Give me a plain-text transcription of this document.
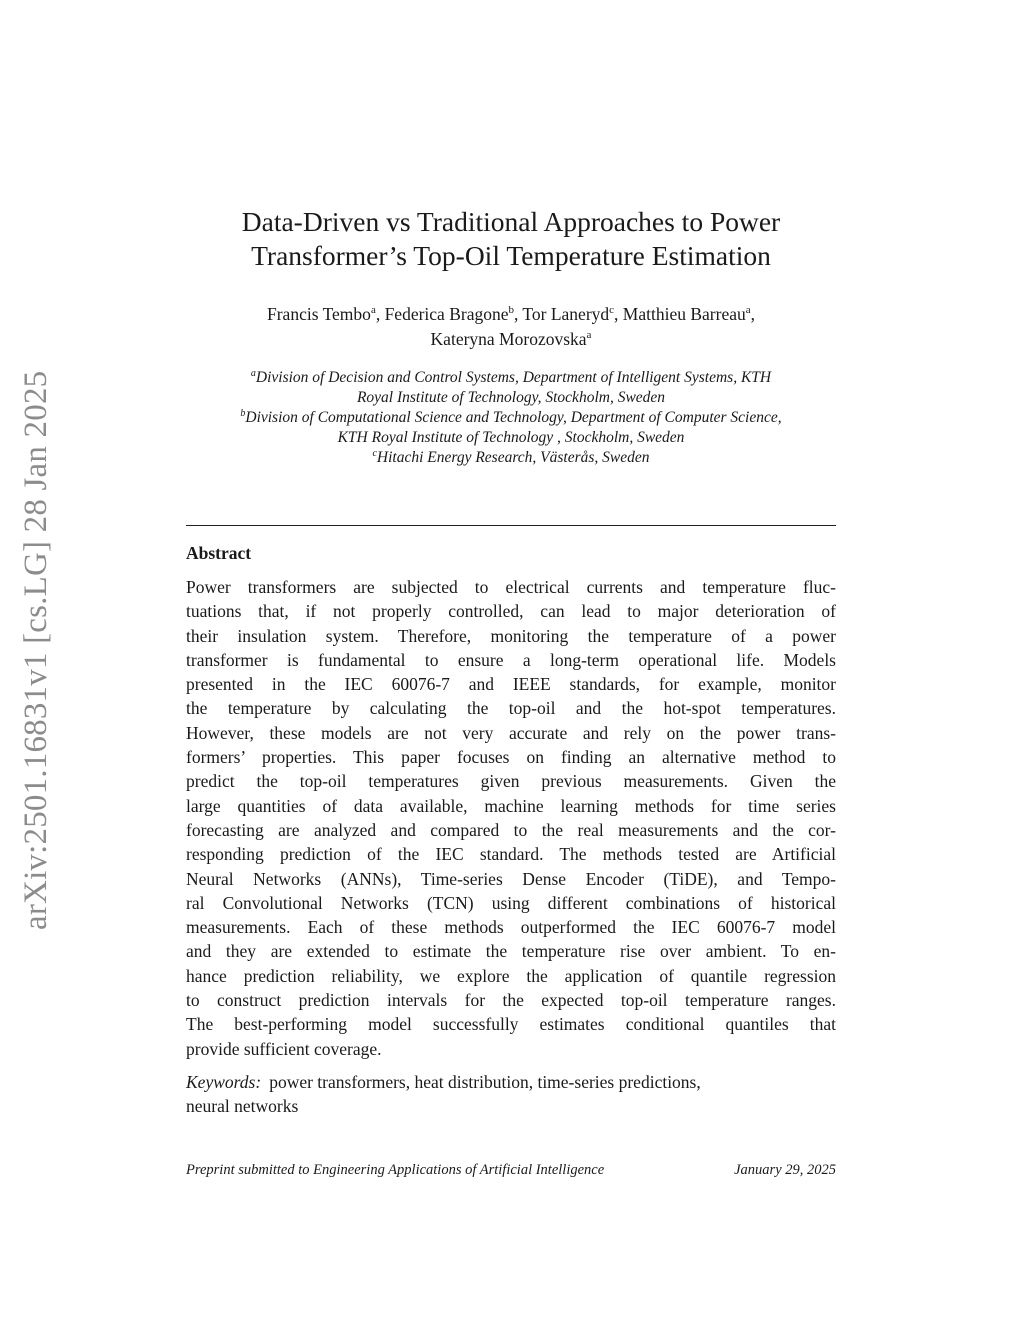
arXiv:2501.16831v1 [cs.LG] 28 Jan 2025
Data-Driven vs Traditional Approaches to Power
Transformer’s Top-Oil Temperature Estimation
Francis Tembo$^a$, Federica Bragone$^b$, Tor Laneryd$^c$, Matthieu Barreau$^a$,
Kateryna Morozovska$^a$
$^a$Division of Decision and Control Systems, Department of Intelligent Systems, KTH
Royal Institute of Technology, Stockholm, Sweden
$^b$Division of Computational Science and Technology, Department of Computer Science,
KTH Royal Institute of Technology , Stockholm, Sweden
$^c$Hitachi Energy Research, Västerås, Sweden
Abstract
Power transformers are subjected to electrical currents and temperature fluc-
tuations that, if not properly controlled, can lead to major deterioration of
their insulation system. Therefore, monitoring the temperature of a power
transformer is fundamental to ensure a long-term operational life. Models
presented in the IEC 60076-7 and IEEE standards, for example, monitor
the temperature by calculating the top-oil and the hot-spot temperatures.
However, these models are not very accurate and rely on the power trans-
formers’ properties. This paper focuses on finding an alternative method to
predict the top-oil temperatures given previous measurements. Given the
large quantities of data available, machine learning methods for time series
forecasting are analyzed and compared to the real measurements and the cor-
responding prediction of the IEC standard. The methods tested are Artificial
Neural Networks (ANNs), Time-series Dense Encoder (TiDE), and Tempo-
ral Convolutional Networks (TCN) using different combinations of historical
measurements. Each of these methods outperformed the IEC 60076-7 model
and they are extended to estimate the temperature rise over ambient. To en-
hance prediction reliability, we explore the application of quantile regression
to construct prediction intervals for the expected top-oil temperature ranges.
The best-performing model successfully estimates conditional quantiles that
provide sufficient coverage.
Keywords: power transformers, heat distribution, time-series predictions,
neural networks
Preprint submitted to Engineering Applications of Artificial Intelligence	January 29, 2025
